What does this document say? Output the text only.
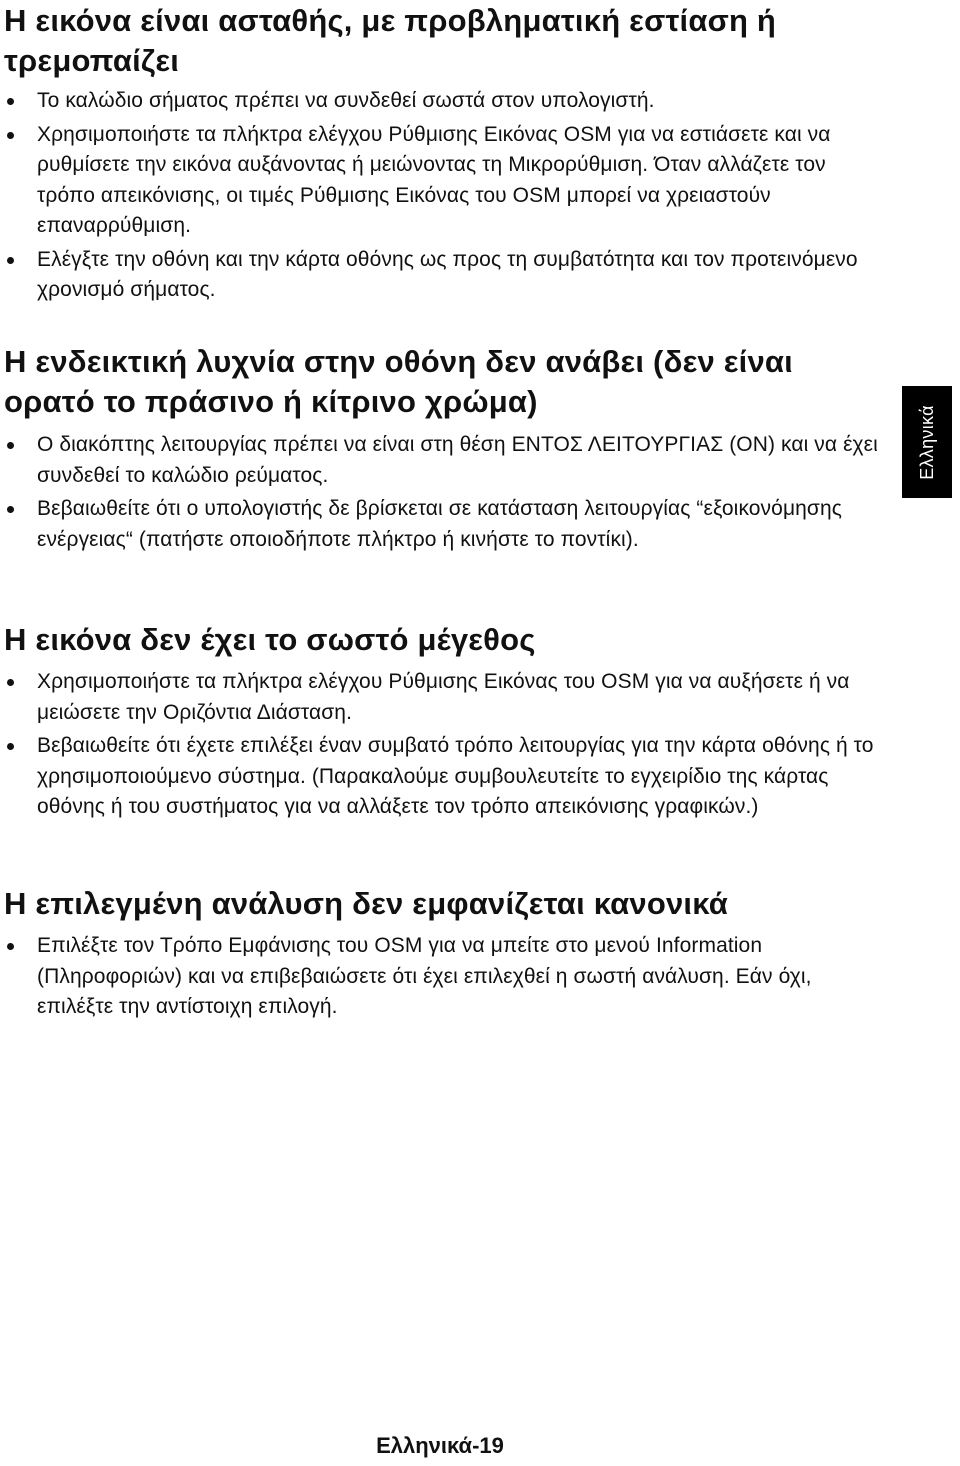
Η εικόνα είναι ασταθής, με προβληματική εστίαση ή τρεμοπαίζει
Το καλώδιο σήματος πρέπει να συνδεθεί σωστά στον υπολογιστή.
Χρησιμοποιήστε τα πλήκτρα ελέγχου Ρύθμισης Εικόνας OSM για να εστιάσετε και να ρυθμίσετε την εικόνα αυξάνοντας ή μειώνοντας τη Μικρορύθμιση. Όταν αλλάζετε τον τρόπο απεικόνισης, οι τιμές Ρύθμισης Εικόνας του OSM μπορεί να χρειαστούν επαναρρύθμιση.
Ελέγξτε την οθόνη και την κάρτα οθόνης ως προς τη συμβατότητα και τον προτεινόμενο χρονισμό σήματος.
Η ενδεικτική λυχνία στην οθόνη δεν ανάβει (δεν είναι ορατό το πράσινο ή κίτρινο χρώμα)
Ο διακόπτης λειτουργίας πρέπει να είναι στη θέση ΕΝΤΟΣ ΛΕΙΤΟΥΡΓΙΑΣ (ON) και να έχει συνδεθεί το καλώδιο ρεύματος.
Βεβαιωθείτε ότι ο υπολογιστής δε βρίσκεται σε κατάσταση λειτουργίας “εξοικονόμησης ενέργειας“ (πατήστε οποιοδήποτε πλήκτρο ή κινήστε το ποντίκι).
Η εικόνα δεν έχει το σωστό μέγεθος
Χρησιμοποιήστε τα πλήκτρα ελέγχου Ρύθμισης Εικόνας του OSM για να αυξήσετε ή να μειώσετε την Οριζόντια Διάσταση.
Βεβαιωθείτε ότι έχετε επιλέξει έναν συμβατό τρόπο λειτουργίας για την κάρτα οθόνης ή το χρησιμοποιούμενο σύστημα. (Παρακαλούμε συμβουλευτείτε το εγχειρίδιο της κάρτας οθόνης ή του συστήματος για να αλλάξετε τον τρόπο απεικόνισης γραφικών.)
Η επιλεγμένη ανάλυση δεν εμφανίζεται κανονικά
Επιλέξτε τον Τρόπο Εμφάνισης του OSM για να μπείτε στο μενού Information (Πληροφοριών) και να επιβεβαιώσετε ότι έχει επιλεχθεί η σωστή ανάλυση. Εάν όχι, επιλέξτε την αντίστοιχη επιλογή.
Ελληνικά
Ελληνικά-19
